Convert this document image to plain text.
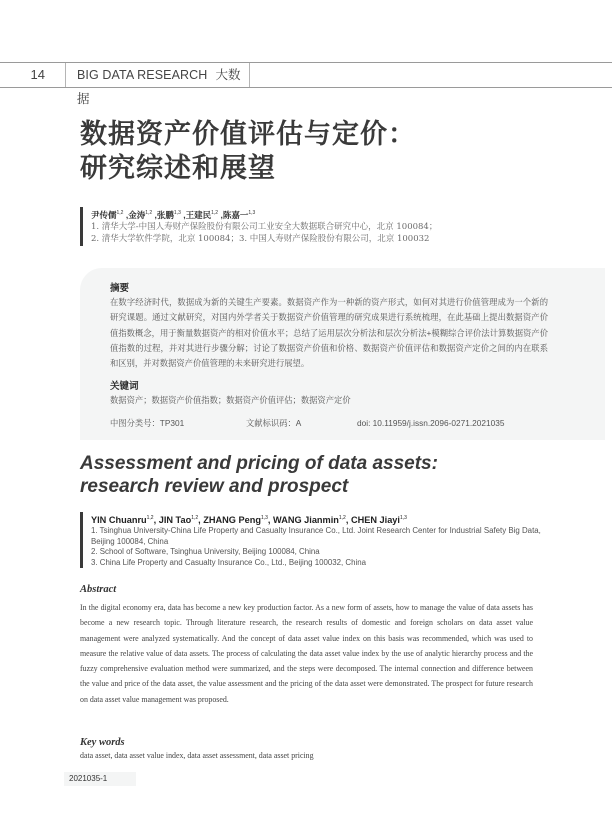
14	BIG DATA RESEARCH 大数据
数据资产价值评估与定价：
研究综述和展望
尹传儒$^{1,2}$ ,金涛$^{1,2}$ ,张鹏$^{1,3}$ ,王建民$^{1,2}$ ,陈嘉一$^{1,3}$
1. 清华大学-中国人寿财产保险股份有限公司工业安全大数据联合研究中心，北京 100084；
2. 清华大学软件学院，北京 100084；3. 中国人寿财产保险股份有限公司，北京 100032
摘要
在数字经济时代，数据成为新的关键生产要素。数据资产作为一种新的资产形式，如何对其进行价值管理成为一个新的研究课题。通过文献研究，对国内外学者关于数据资产价值管理的研究成果进行系统梳理，在此基础上提出数据资产价值指数概念，用于衡量数据资产的相对价值水平；总结了运用层次分析法和层次分析法+模糊综合评价法计算数据资产价值指数的过程，并对其进行步骤分解；讨论了数据资产价值和价格、数据资产价值评估和数据资产定价之间的内在联系和区别，并对数据资产价值管理的未来研究进行展望。
关键词
数据资产；数据资产价值指数；数据资产价值评估；数据资产定价
中图分类号：TP301	文献标识码：A	doi: 10.11959/j.issn.2096-0271.2021035
Assessment and pricing of data assets:
research review and prospect
YIN Chuanru$^{1,2}$, JIN Tao$^{1,2}$, ZHANG Peng$^{1,3}$, WANG Jianmin$^{1,2}$, CHEN Jiayi$^{1,3}$
1. Tsinghua University-China Life Property and Casualty Insurance Co., Ltd. Joint Research Center for Industrial Safety Big Data, Beijing 100084, China
2. School of Software, Tsinghua University, Beijing 100084, China
3. China Life Property and Casualty Insurance Co., Ltd., Beijing 100032, China
Abstract
In the digital economy era, data has become a new key production factor. As a new form of assets, how to manage the value of data assets has become a new research topic. Through literature research, the research results of domestic and foreign scholars on data asset value management were analyzed systematically. And the concept of data asset value index on this basis was recommended, which was used to measure the relative value of data assets. The process of calculating the data asset value index by the use of analytic hierarchy process and the fuzzy comprehensive evaluation method were summarized, and the steps were decomposed. The internal connection and difference between the value and price of the data asset, the value assessment and the pricing of the data asset were demonstrated. The prospect for future research on data asset value management was proposed.
Key words
data asset, data asset value index, data asset assessment, data asset pricing
2021035-1
